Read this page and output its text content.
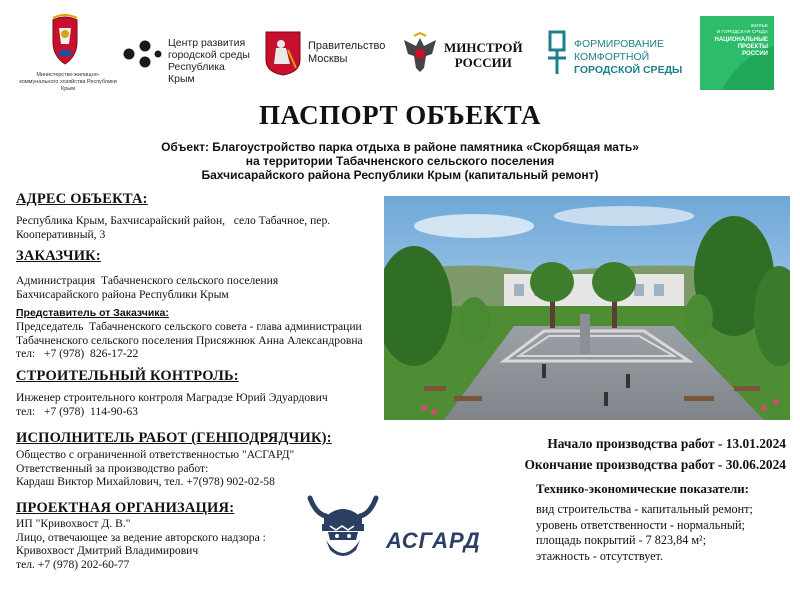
Министерство жилищно-коммунального хозяйства Республики Крым
Центр развития
городской среды
Республика Крым
Правительство
Москвы
МИНСТРОЙ
РОССИИ
ФОРМИРОВАНИЕ
КОМФОРТНОЙ
ГОРОДСКОЙ СРЕДЫ
ЖИЛЬЕ
И ГОРОДСКАЯ СРЕДА
НАЦИОНАЛЬНЫЕ
ПРОЕКТЫ
РОССИИ
ПАСПОРТ ОБЪЕКТА
Объект: Благоустройство парка отдыха в районе памятника «Скорбящая мать»
на территории Табачненского сельского поселения
Бахчисарайского района Республики Крым (капитальный ремонт)
АДРЕС ОБЪЕКТА:
Республика Крым, Бахчисарайский район,   село Табачное, пер.
Кооперативный, 3
ЗАКАЗЧИК:
Администрация  Табачненского сельского поселения
Бахчисарайского района Республики Крым
Представитель от Заказчика:
Председатель  Табачненского сельского совета - глава администрации
Табачненского сельского поселения Присяжнюк Анна Александровна
тел:   +7 (978)  826-17-22
СТРОИТЕЛЬНЫЙ КОНТРОЛЬ:
Инженер строительного контроля Маградзе Юрий Эдуардович
тел:   +7 (978)  114-90-63
ИСПОЛНИТЕЛЬ РАБОТ (ГЕНПОДРЯДЧИК):
Общество с ограниченной ответственностью "АСГАРД"
Ответственный за производство работ:
Кардаш Виктор Михайлович, тел. +7(978) 902-02-58
ПРОЕКТНАЯ ОРГАНИЗАЦИЯ:
ИП "Кривохвост Д. В."
Лицо, отвечающее за ведение авторского надзора :
Кривохвост Дмитрий Владимирович
тел. +7 (978) 202-60-77
АСГАРД
Начало производства работ - 13.01.2024
Окончание производства работ - 30.06.2024
Технико-экономические показатели:
вид строительства - капитальный ремонт;
уровень ответственности - нормальный;
площадь покрытий - 7 823,84 м²;
этажность - отсутствует.
